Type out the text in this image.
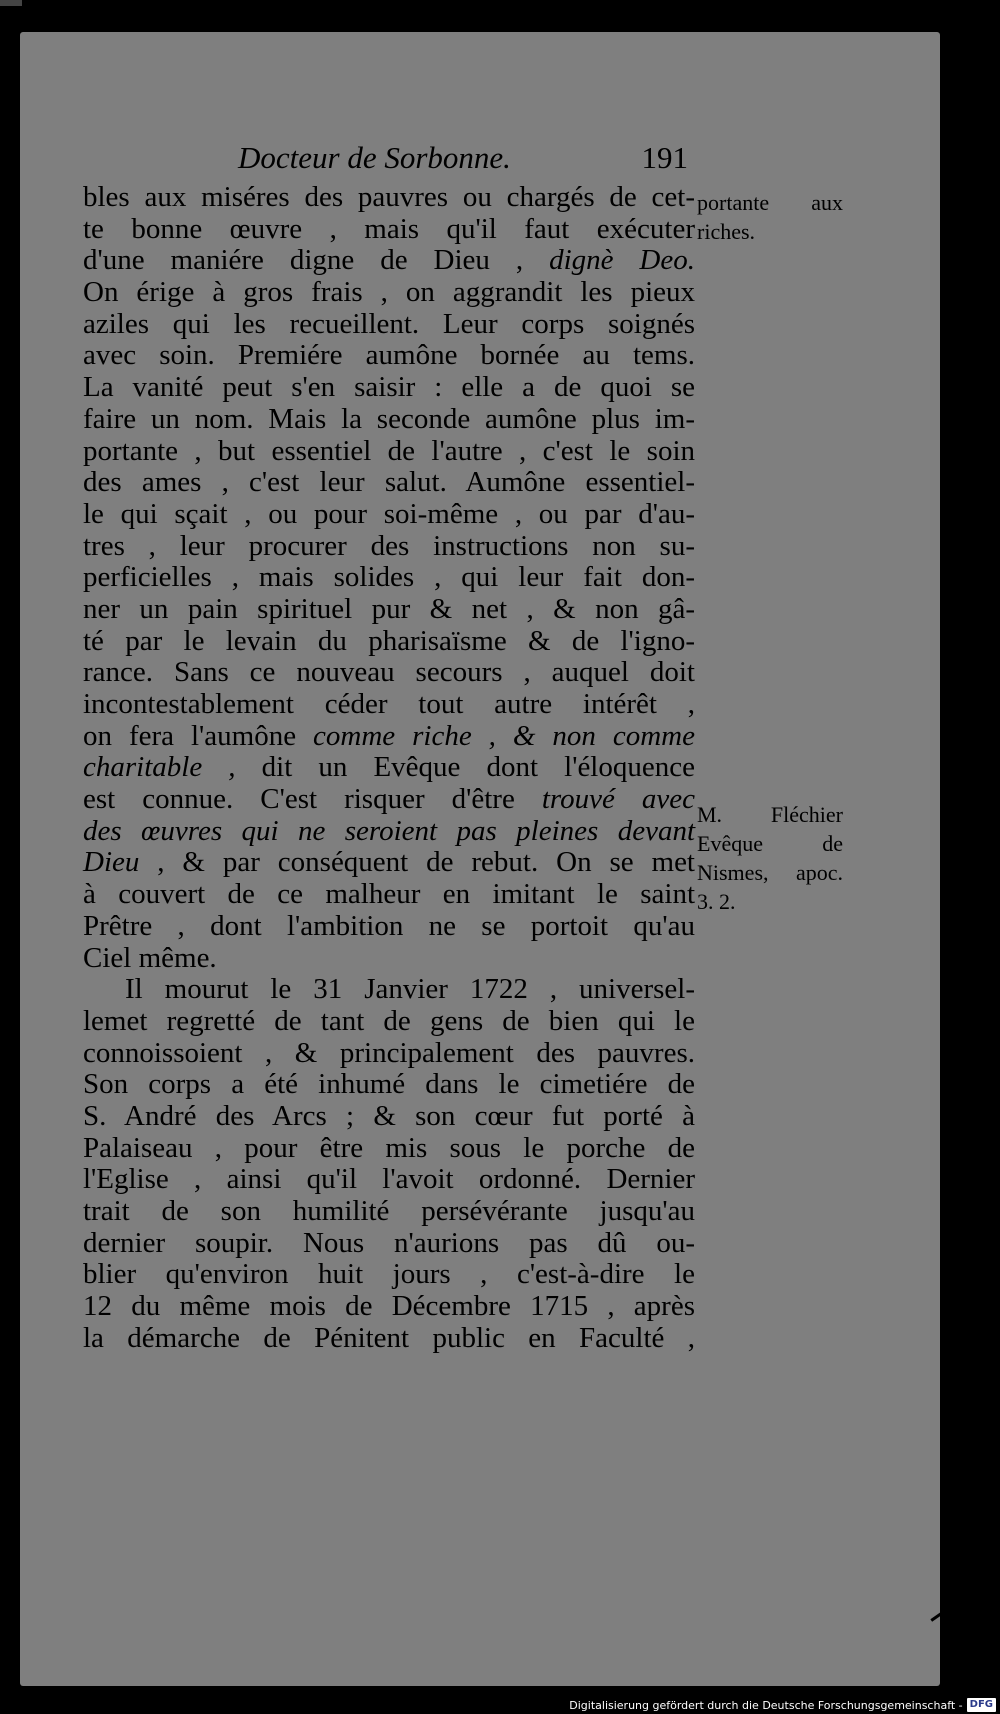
Docteur de Sorbonne.	191
bles aux miséres des pauvres ou chargés de cet-
te bonne œuvre , mais qu'il faut exécuter
d'une maniére digne de Dieu , dignè Deo.
On érige à gros frais , on aggrandit les pieux
aziles qui les recueillent. Leur corps soignés
avec soin. Premiére aumône bornée au tems.
La vanité peut s'en saisir : elle a de quoi se
faire un nom. Mais la seconde aumône plus im-
portante , but essentiel de l'autre , c'est le soin
des ames , c'est leur salut. Aumône essentiel-
le qui sçait , ou pour soi-même , ou par d'au-
tres , leur procurer des instructions non su-
perficielles , mais solides , qui leur fait don-
ner un pain spirituel pur & net , & non gâ-
té par le levain du pharisaïsme & de l'igno-
rance. Sans ce nouveau secours , auquel doit
incontestablement céder tout autre intérêt ,
on fera l'aumône comme riche , & non comme
charitable , dit un Evêque dont l'éloquence
est connue. C'est risquer d'être trouvé avec
des œuvres qui ne seroient pas pleines devant
Dieu , & par conséquent de rebut. On se met
à couvert de ce malheur en imitant le saint
Prêtre , dont l'ambition ne se portoit qu'au
Ciel même.
Il mourut le 31 Janvier 1722 , universel-
lemet regretté de tant de gens de bien qui le
connoissoient , & principalement des pauvres.
Son corps a été inhumé dans le cimetiére de
S. André des Arcs ; & son cœur fut porté à
Palaiseau , pour être mis sous le porche de
l'Eglise , ainsi qu'il l'avoit ordonné. Dernier
trait de son humilité persévérante jusqu'au
dernier soupir. Nous n'aurions pas dû ou-
blier qu'environ huit jours , c'est-à-dire le
12 du même mois de Décembre 1715 , après
la démarche de Pénitent public en Faculté ,
portante aux
riches.
M. Fléchier
Evêque de
Nismes, apoc.
3. 2.
Digitalisierung gefördert durch die Deutsche Forschungsgemeinschaft - DFG
